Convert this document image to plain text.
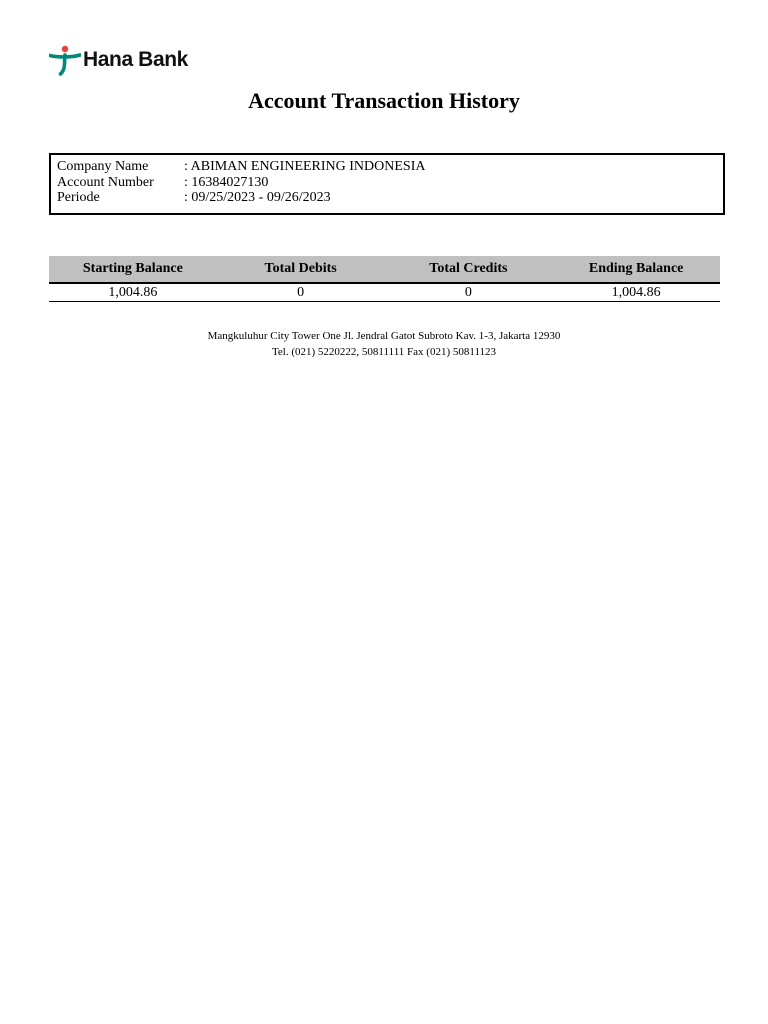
Hana Bank
Account Transaction History
Company Name	: ABIMAN ENGINEERING INDONESIA
Account Number	: 16384027130
Periode	: 09/25/2023 - 09/26/2023
Starting Balance	Total Debits	Total Credits	Ending Balance
1,004.86	0	0	1,004.86
Mangkuluhur City Tower One Jl. Jendral Gatot Subroto Kav. 1-3, Jakarta 12930
Tel. (021) 5220222, 50811111 Fax (021) 50811123
